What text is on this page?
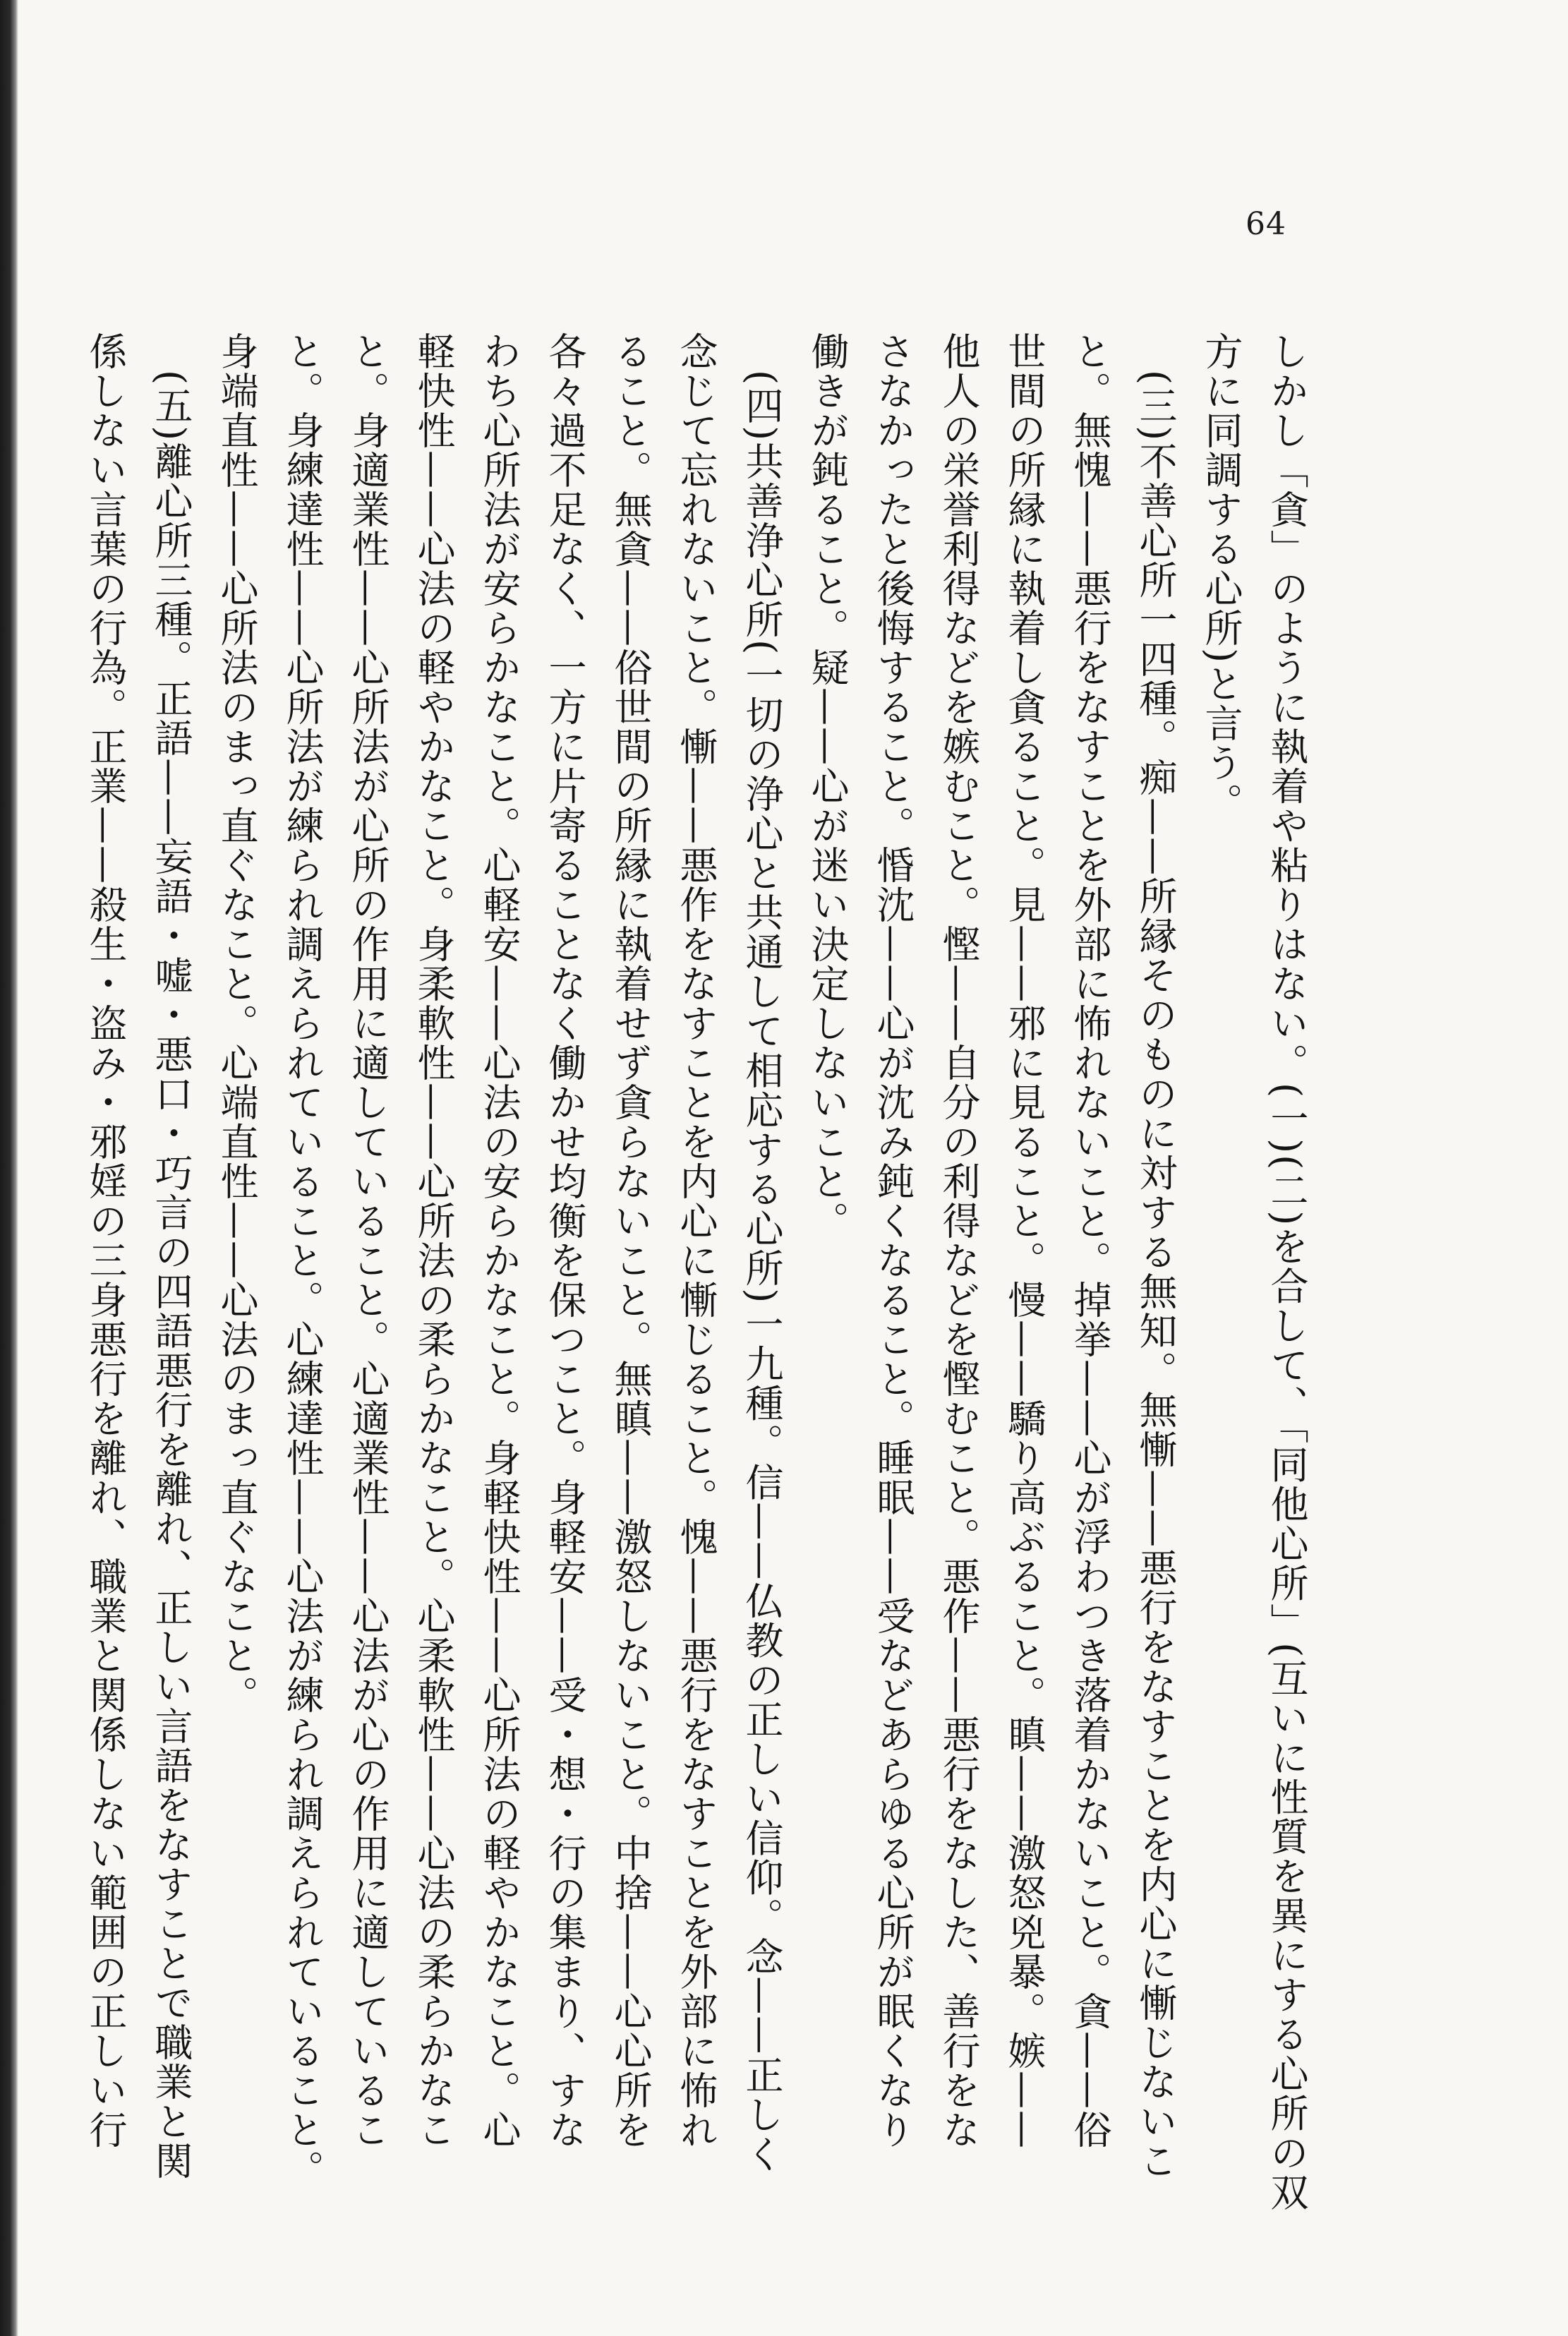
64

しかし「貪」のように執着や粘りはない。(一)(二)を合して、「同他心所」(互いに性質を異にする心所の双

方に同調する心所)と言う。

(三)不善心所一四種。痴——所縁そのものに対する無知。無慚——悪行をなすことを内心に慚じないこ

と。無愧——悪行をなすことを外部に怖れないこと。掉挙——心が浮わつき落着かないこと。貪——俗

世間の所縁に執着し貪ること。見——邪に見ること。慢——驕り高ぶること。瞋——激怒兇暴。嫉——

他人の栄誉利得などを嫉むこと。慳——自分の利得などを慳むこと。悪作——悪行をなした、善行をな

さなかったと後悔すること。惛沈——心が沈み鈍くなること。睡眠——受などあらゆる心所が眠くなり

働きが鈍ること。疑——心が迷い決定しないこと。

(四)共善浄心所(一切の浄心と共通して相応する心所)一九種。信——仏教の正しい信仰。念——正しく

念じて忘れないこと。慚——悪作をなすことを内心に慚じること。愧——悪行をなすことを外部に怖れ

ること。無貪——俗世間の所縁に執着せず貪らないこと。無瞋——激怒しないこと。中捨——心心所を

各々過不足なく、一方に片寄ることなく働かせ均衡を保つこと。身軽安——受・想・行の集まり、すな

わち心所法が安らかなこと。心軽安——心法の安らかなこと。身軽快性——心所法の軽やかなこと。心

軽快性——心法の軽やかなこと。身柔軟性——心所法の柔らかなこと。心柔軟性——心法の柔らかなこ

と。身適業性——心所法が心所の作用に適していること。心適業性——心法が心の作用に適しているこ

と。身練達性——心所法が練られ調えられていること。心練達性——心法が練られ調えられていること。

身端直性——心所法のまっ直ぐなこと。心端直性——心法のまっ直ぐなこと。

(五)離心所三種。正語——妄語・嘘・悪口・巧言の四語悪行を離れ、正しい言語をなすことで職業と関

係しない言葉の行為。正業——殺生・盗み・邪婬の三身悪行を離れ、職業と関係しない範囲の正しい行
